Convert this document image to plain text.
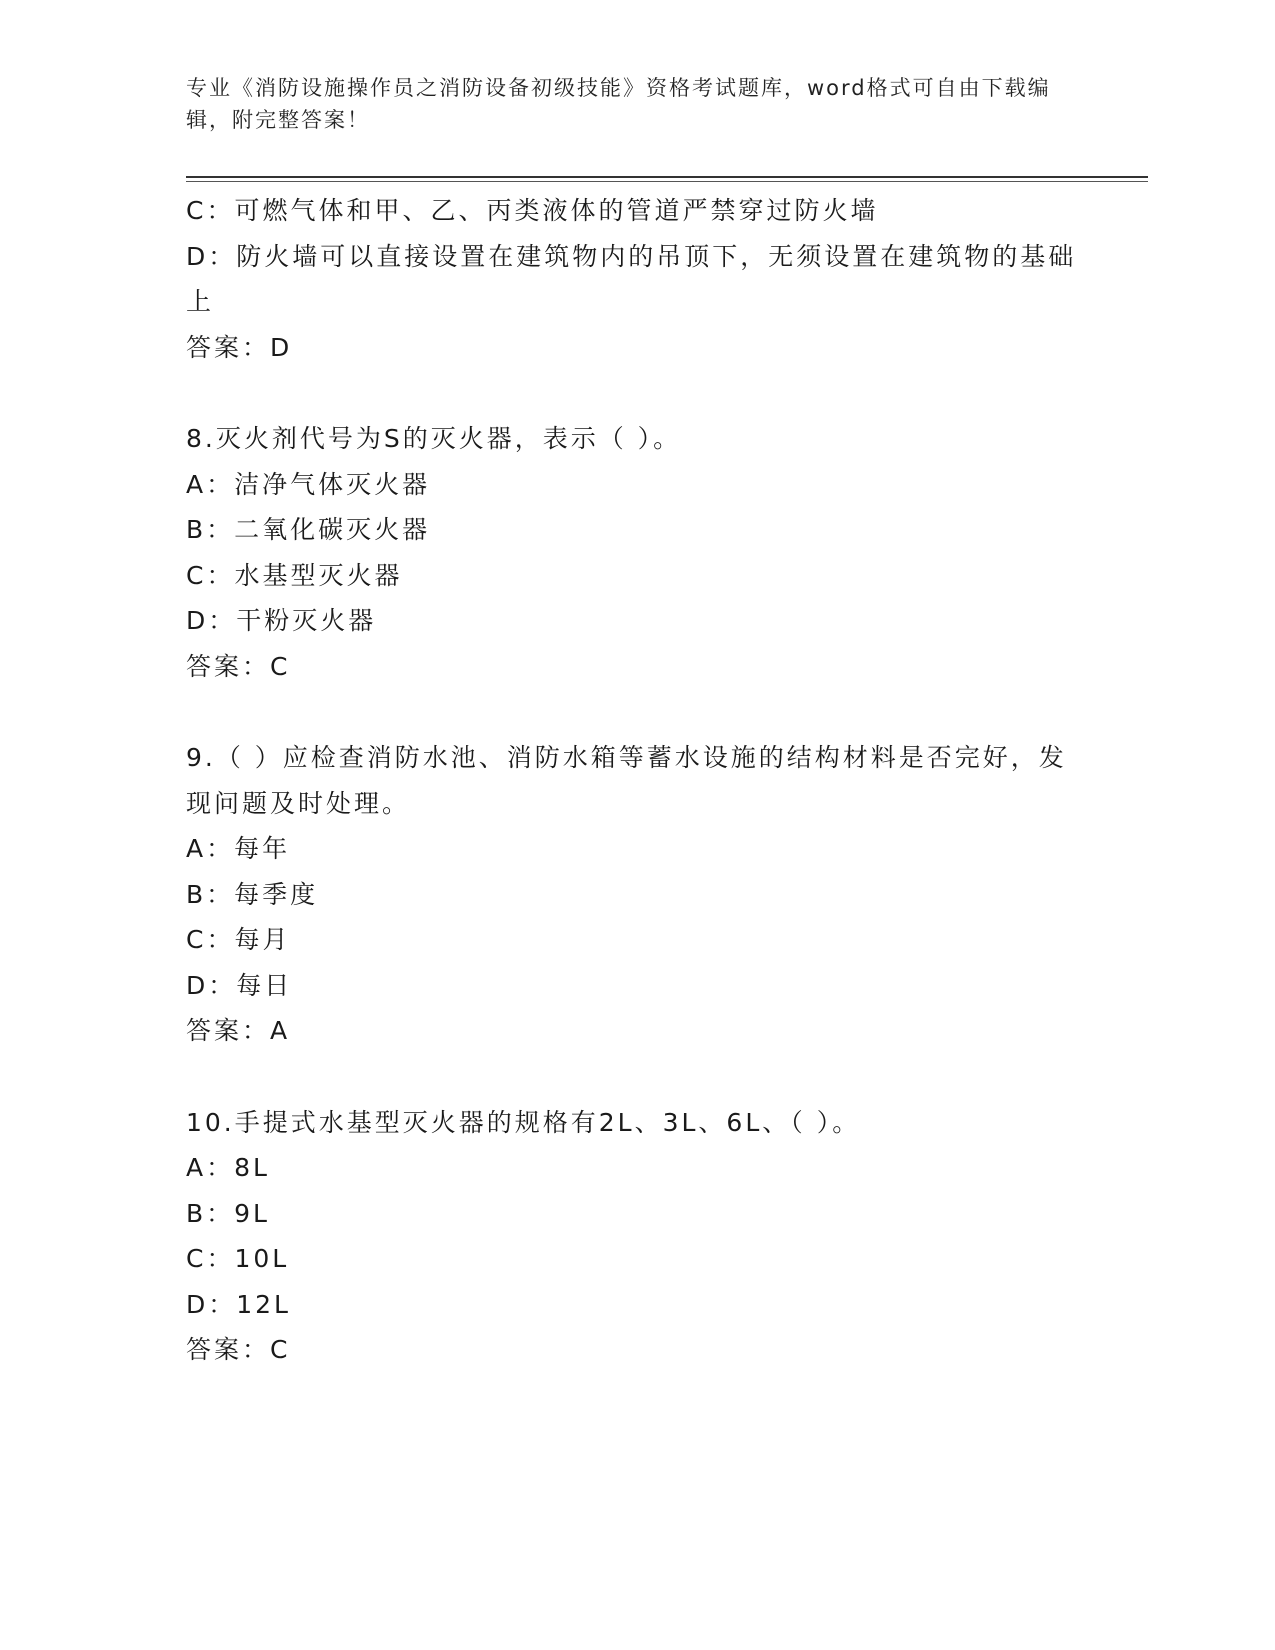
专业《消防设施操作员之消防设备初级技能》资格考试题库，word格式可自由下载编辑，附完整答案！
C：可燃气体和甲、乙、丙类液体的管道严禁穿过防火墙
D：防火墙可以直接设置在建筑物内的吊顶下，无须设置在建筑物的基础上
答案：D
8.灭火剂代号为S的灭火器，表示（ ）。
A：洁净气体灭火器
B：二氧化碳灭火器
C：水基型灭火器
D：干粉灭火器
答案：C
9.（ ）应检查消防水池、消防水箱等蓄水设施的结构材料是否完好，发现问题及时处理。
A：每年
B：每季度
C：每月
D：每日
答案：A
10.手提式水基型灭火器的规格有2L、3L、6L、（ ）。
A：8L
B：9L
C：10L
D：12L
答案：C
